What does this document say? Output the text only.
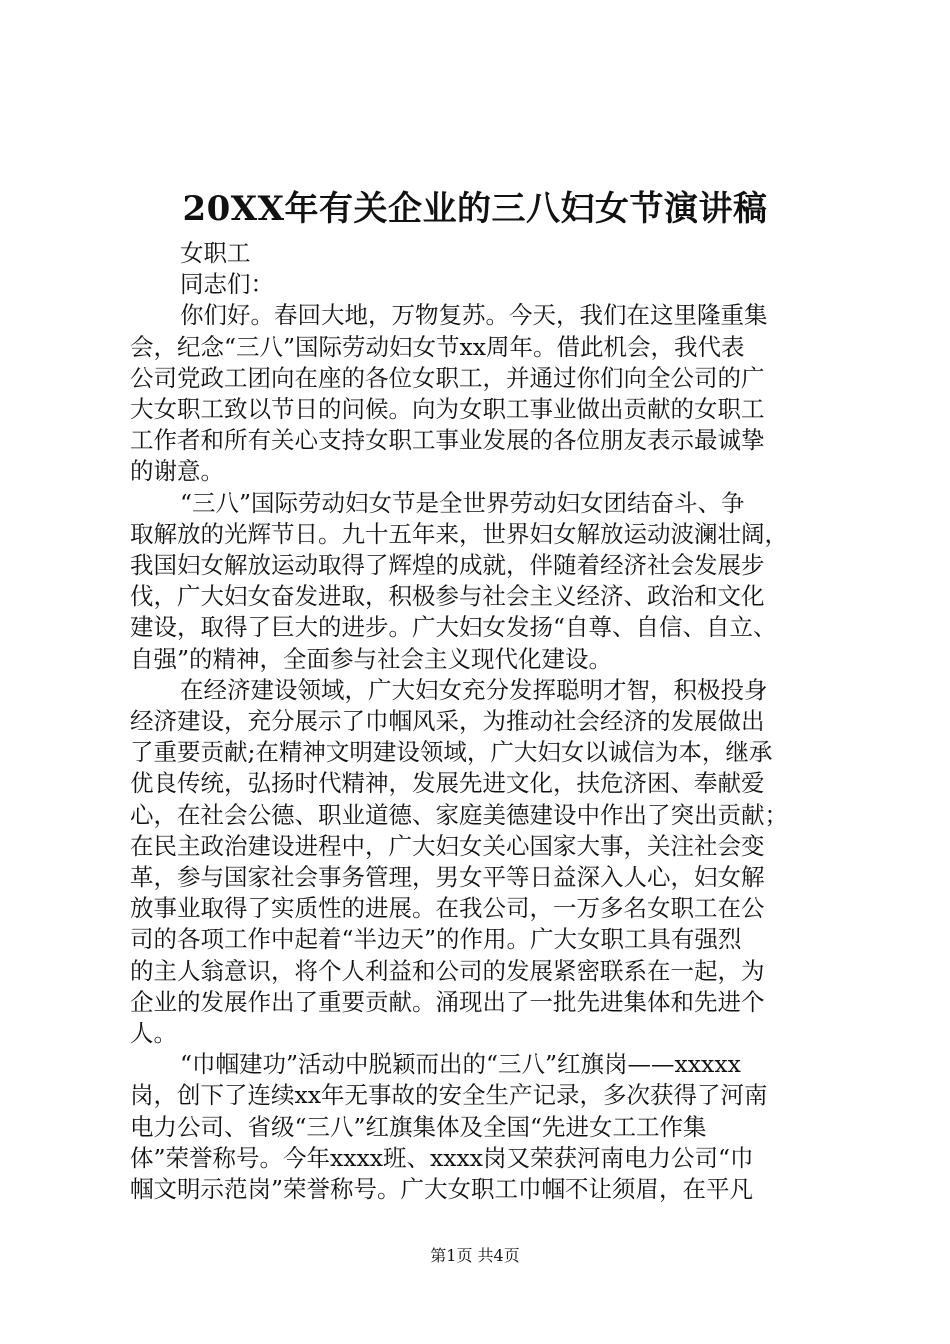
20XX年有关企业的三八妇女节演讲稿
女职工
同志们：
你们好。春回大地，万物复苏。今天，我们在这里隆重集
会，纪念“三八”国际劳动妇女节xx周年。借此机会，我代表
公司党政工团向在座的各位女职工，并通过你们向全公司的广
大女职工致以节日的问候。向为女职工事业做出贡献的女职工
工作者和所有关心支持女职工事业发展的各位朋友表示最诚挚
的谢意。
“三八”国际劳动妇女节是全世界劳动妇女团结奋斗、争
取解放的光辉节日。九十五年来，世界妇女解放运动波澜壮阔，
我国妇女解放运动取得了辉煌的成就，伴随着经济社会发展步
伐，广大妇女奋发进取，积极参与社会主义经济、政治和文化
建设，取得了巨大的进步。广大妇女发扬“自尊、自信、自立、
自强”的精神，全面参与社会主义现代化建设。
在经济建设领域，广大妇女充分发挥聪明才智，积极投身
经济建设，充分展示了巾帼风采，为推动社会经济的发展做出
了重要贡献;在精神文明建设领域，广大妇女以诚信为本，继承
优良传统，弘扬时代精神，发展先进文化，扶危济困、奉献爱
心，在社会公德、职业道德、家庭美德建设中作出了突出贡献；
在民主政治建设进程中，广大妇女关心国家大事，关注社会变
革，参与国家社会事务管理，男女平等日益深入人心，妇女解
放事业取得了实质性的进展。在我公司，一万多名女职工在公
司的各项工作中起着“半边天”的作用。广大女职工具有强烈
的主人翁意识，将个人利益和公司的发展紧密联系在一起，为
企业的发展作出了重要贡献。涌现出了一批先进集体和先进个
人。
“巾帼建功”活动中脱颖而出的“三八”红旗岗——xxxxx
岗，创下了连续xx年无事故的安全生产记录，多次获得了河南
电力公司、省级“三八”红旗集体及全国“先进女工工作集
体”荣誉称号。今年xxxx班、xxxx岗又荣获河南电力公司“巾
帼文明示范岗”荣誉称号。广大女职工巾帼不让须眉，在平凡
第1页 共4页
